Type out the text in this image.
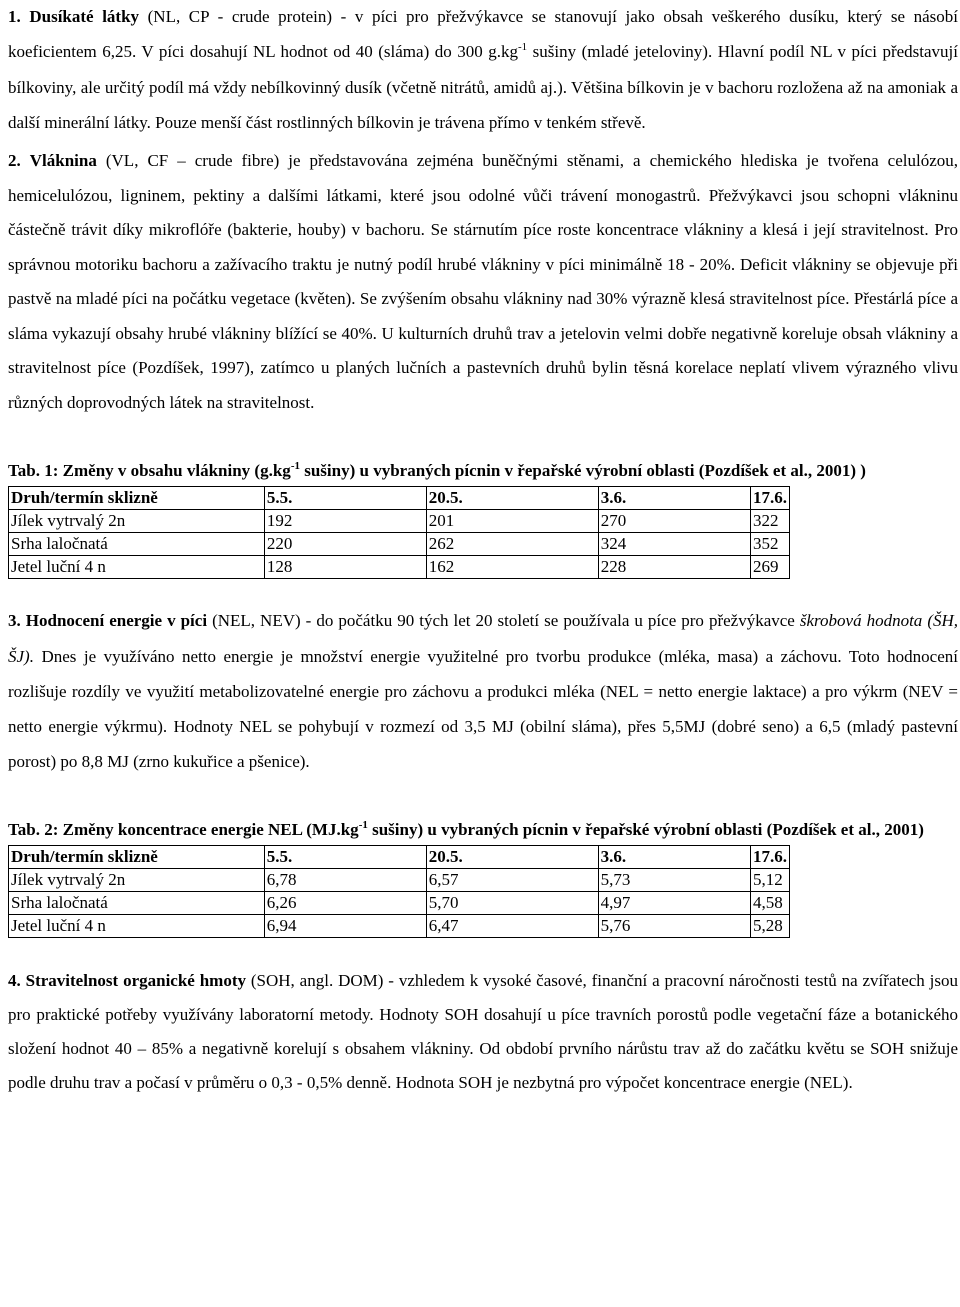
1. Dusíkaté látky (NL, CP - crude protein) - v píci pro přežvýkavce se stanovují jako obsah veškerého dusíku, který se násobí koeficientem 6,25. V píci dosahují NL hodnot od 40 (sláma) do 300 $g.kg^{-1}$ sušiny (mladé jeteloviny). Hlavní podíl NL v píci představují bílkoviny, ale určitý podíl má vždy nebílkovinný dusík (včetně nitrátů, amidů aj.). Většina bílkovin je v bachoru rozložena až na amoniak a další minerální látky. Pouze menší část rostlinných bílkovin je trávena přímo v tenkém střevě.

2. Vláknina (VL, CF – crude fibre) je představována zejména buněčnými stěnami, a chemického hlediska je tvořena celulózou, hemicelulózou, ligninem, pektiny a dalšími látkami, které jsou odolné vůči trávení monogastrů. Přežvýkavci jsou schopni vlákninu částečně trávit díky mikroflóře (bakterie, houby) v bachoru. Se stárnutím píce roste koncentrace vlákniny a klesá i její stravitelnost. Pro správnou motoriku bachoru a zažívacího traktu je nutný podíl hrubé vlákniny v píci minimálně 18 - 20%. Deficit vlákniny se objevuje při pastvě na mladé píci na počátku vegetace (květen). Se zvýšením obsahu vlákniny nad 30% výrazně klesá stravitelnost píce. Přestárlá píce a sláma vykazují obsahy hrubé vlákniny blížící se 40%. U kulturních druhů trav a jetelovin velmi dobře negativně koreluje obsah vlákniny a stravitelnost píce (Pozdíšek, 1997), zatímco u planých lučních a pastevních druhů bylin těsná korelace neplatí vlivem výrazného vlivu různých doprovodných látek na stravitelnost.

Tab. 1: Změny v obsahu vlákniny ($g.kg^{-1}$ sušiny) u vybraných pícnin v řepařské výrobní oblasti (Pozdíšek et al., 2001) )

Druh/termín sklizně	5.5.	20.5.	3.6.	17.6.
Jílek vytrvalý 2n	192	201	270	322
Srha laločnatá	220	262	324	352
Jetel luční 4 n	128	162	228	269

3. Hodnocení energie v píci (NEL, NEV) - do počátku 90 tých let 20 století se používala u píce pro přežvýkavce škrobová hodnota (ŠH, ŠJ). Dnes je využíváno netto energie je množství energie využitelné pro tvorbu produkce (mléka, masa) a záchovu. Toto hodnocení rozlišuje rozdíly ve využití metabolizovatelné energie pro záchovu a produkci mléka (NEL = netto energie laktace) a pro výkrm (NEV = netto energie výkrmu). Hodnoty NEL se pohybují v rozmezí od 3,5 MJ (obilní sláma), přes 5,5MJ (dobré seno) a 6,5 (mladý pastevní porost) po 8,8 MJ (zrno kukuřice a pšenice).

Tab. 2: Změny koncentrace energie NEL ($MJ.kg^{-1}$ sušiny) u vybraných pícnin v řepařské výrobní oblasti (Pozdíšek et al., 2001)

Druh/termín sklizně	5.5.	20.5.	3.6.	17.6.
Jílek vytrvalý 2n	6,78	6,57	5,73	5,12
Srha laločnatá	6,26	5,70	4,97	4,58
Jetel luční 4 n	6,94	6,47	5,76	5,28

4. Stravitelnost organické hmoty (SOH, angl. DOM) - vzhledem k vysoké časové, finanční a pracovní náročnosti testů na zvířatech jsou pro praktické potřeby využívány laboratorní metody. Hodnoty SOH dosahují u píce travních porostů podle vegetační fáze a botanického složení hodnot 40 – 85% a negativně korelují s obsahem vlákniny. Od období prvního nárůstu trav až do začátku květu se SOH snižuje podle druhu trav a počasí v průměru o 0,3 - 0,5% denně. Hodnota SOH je nezbytná pro výpočet koncentrace energie (NEL).
